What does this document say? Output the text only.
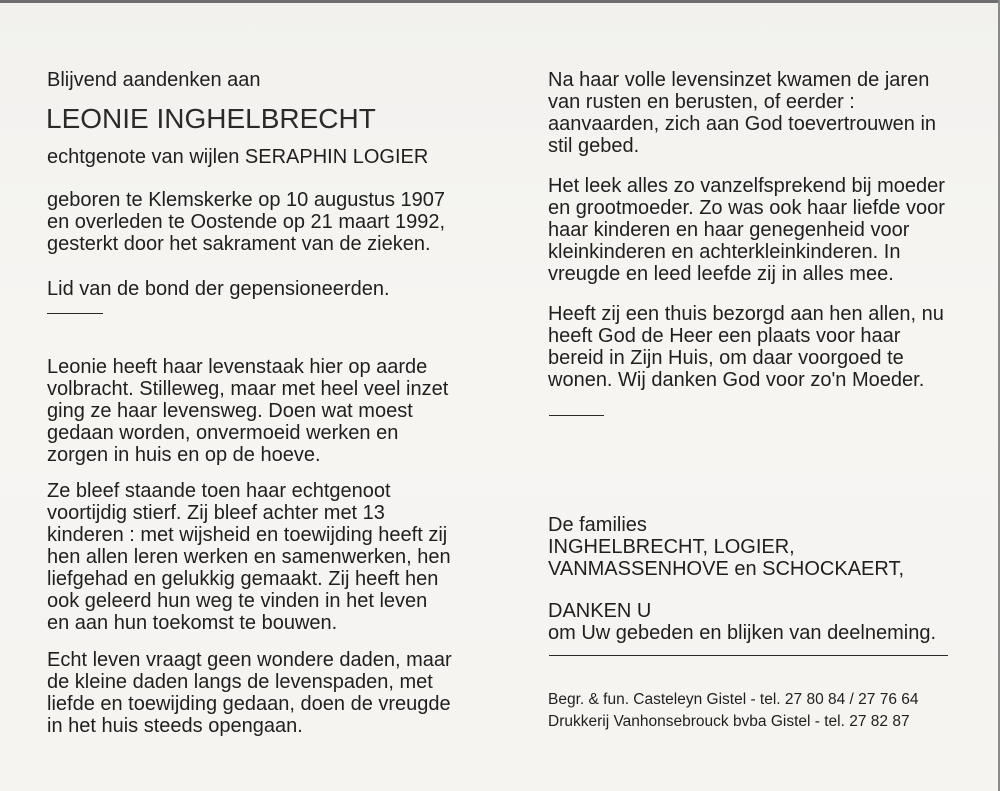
Blijvend aandenken aan
LEONIE INGHELBRECHT
echtgenote van wijlen SERAPHIN LOGIER
geboren te Klemskerke op 10 augustus 1907
en overleden te Oostende op 21 maart 1992,
gesterkt door het sakrament van de zieken.
Lid van de bond der gepensioneerden.
Leonie heeft haar levenstaak hier op aarde
volbracht. Stilleweg, maar met heel veel inzet
ging ze haar levensweg. Doen wat moest
gedaan worden, onvermoeid werken en
zorgen in huis en op de hoeve.
Ze bleef staande toen haar echtgenoot
voortijdig stierf. Zij bleef achter met 13
kinderen : met wijsheid en toewijding heeft zij
hen allen leren werken en samenwerken, hen
liefgehad en gelukkig gemaakt. Zij heeft hen
ook geleerd hun weg te vinden in het leven
en aan hun toekomst te bouwen.
Echt leven vraagt geen wondere daden, maar
de kleine daden langs de levenspaden, met
liefde en toewijding gedaan, doen de vreugde
in het huis steeds opengaan.
Na haar volle levensinzet kwamen de jaren
van rusten en berusten, of eerder :
aanvaarden, zich aan God toevertrouwen in
stil gebed.
Het leek alles zo vanzelfsprekend bij moeder
en grootmoeder. Zo was ook haar liefde voor
haar kinderen en haar genegenheid voor
kleinkinderen en achterkleinkinderen. In
vreugde en leed leefde zij in alles mee.
Heeft zij een thuis bezorgd aan hen allen, nu
heeft God de Heer een plaats voor haar
bereid in Zijn Huis, om daar voorgoed te
wonen. Wij danken God voor zo'n Moeder.
De families
INGHELBRECHT, LOGIER,
VANMASSENHOVE en SCHOCKAERT,
DANKEN U
om Uw gebeden en blijken van deelneming.
Begr. & fun. Casteleyn Gistel - tel. 27 80 84 / 27 76 64
Drukkerij Vanhonsebrouck bvba Gistel - tel. 27 82 87
